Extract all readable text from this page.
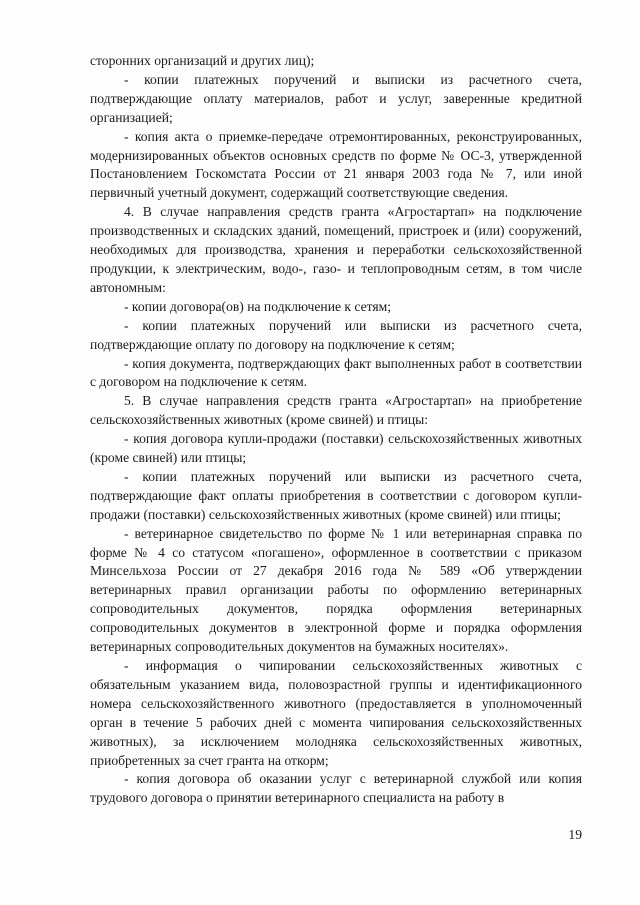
сторонних организаций и других лиц);

- копии платежных поручений и выписки из расчетного счета, подтверждающие оплату материалов, работ и услуг, заверенные кредитной организацией;

- копия акта о приемке-передаче отремонтированных, реконструированных, модернизированных объектов основных средств по форме № ОС-3, утвержденной Постановлением Госкомстата России от 21 января 2003 года № 7, или иной первичный учетный документ, содержащий соответствующие сведения.

4. В случае направления средств гранта «Агростартап» на подключение производственных и складских зданий, помещений, пристроек и (или) сооружений, необходимых для производства, хранения и переработки сельскохозяйственной продукции, к электрическим, водо-, газо- и теплопроводным сетям, в том числе автономным:

- копии договора(ов) на подключение к сетям;

- копии платежных поручений или выписки из расчетного счета, подтверждающие оплату по договору на подключение к сетям;

- копия документа, подтверждающих факт выполненных работ в соответствии с договором на подключение к сетям.

5. В случае направления средств гранта «Агростартап» на приобретение сельскохозяйственных животных (кроме свиней) и птицы:

- копия договора купли-продажи (поставки) сельскохозяйственных животных (кроме свиней) или птицы;

- копии платежных поручений или выписки из расчетного счета, подтверждающие факт оплаты приобретения в соответствии с договором купли-продажи (поставки) сельскохозяйственных животных (кроме свиней) или птицы;

- ветеринарное свидетельство по форме № 1 или ветеринарная справка по форме № 4 со статусом «погашено», оформленное в соответствии с приказом Минсельхоза России от 27 декабря 2016 года № 589 «Об утверждении ветеринарных правил организации работы по оформлению ветеринарных сопроводительных документов, порядка оформления ветеринарных сопроводительных документов в электронной форме и порядка оформления ветеринарных сопроводительных документов на бумажных носителях».

- информация о чипировании сельскохозяйственных животных с обязательным указанием вида, половозрастной группы и идентификационного номера сельскохозяйственного животного (предоставляется в уполномоченный орган в течение 5 рабочих дней с момента чипирования сельскохозяйственных животных), за исключением молодняка сельскохозяйственных животных, приобретенных за счет гранта на откорм;

- копия договора об оказании услуг с ветеринарной службой или копия трудового договора о принятии ветеринарного специалиста на работу в

19
